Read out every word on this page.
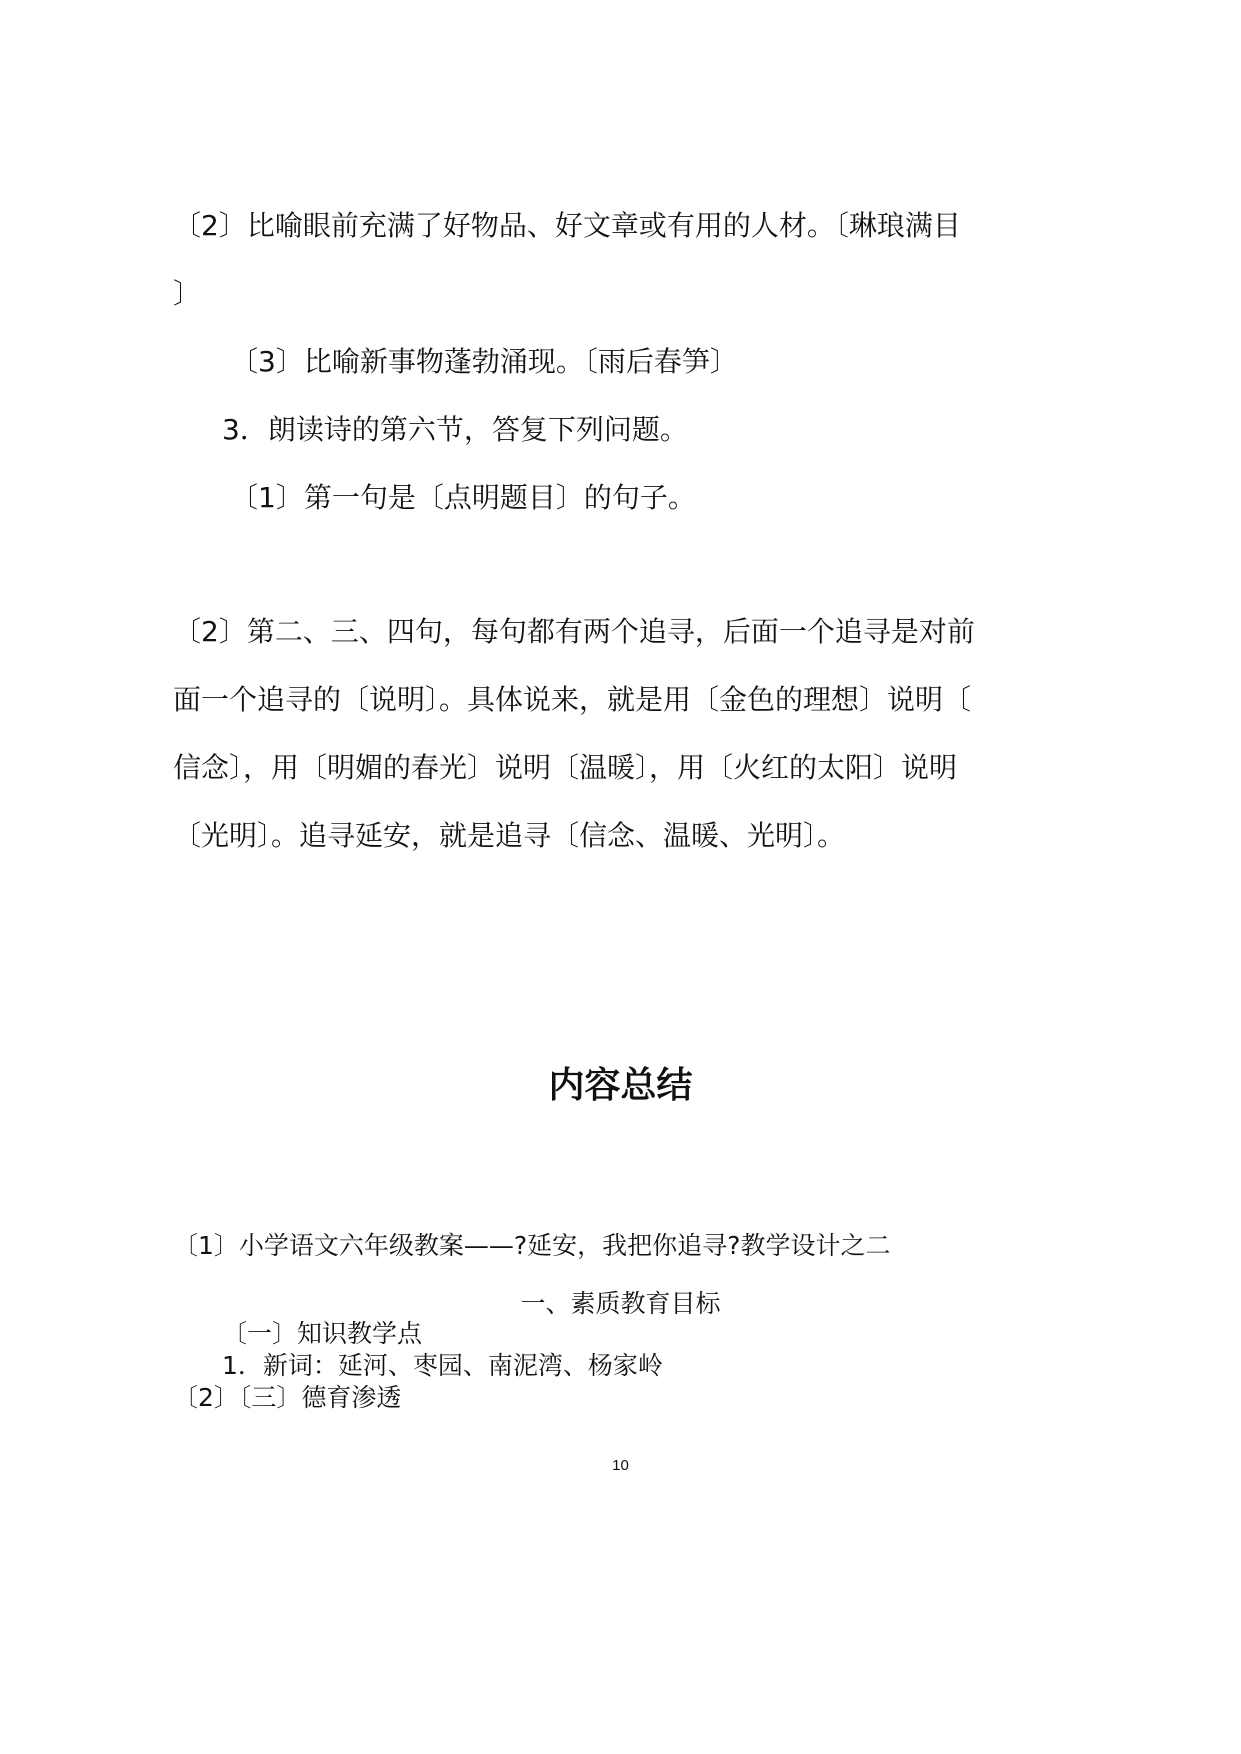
〔2〕比喻眼前充满了好物品、好文章或有用的人材。〔琳琅满目
〕
〔3〕比喻新事物蓬勃涌现。〔雨后春笋〕
3．朗读诗的第六节，答复下列问题。
〔1〕第一句是〔点明题目〕的句子。
〔2〕第二、三、四句，每句都有两个追寻，后面一个追寻是对前
面一个追寻的〔说明〕。具体说来，就是用〔金色的理想〕说明〔
信念〕，用〔明媚的春光〕说明〔温暖〕，用〔火红的太阳〕说明
〔光明〕。追寻延安，就是追寻〔信念、温暖、光明〕。
内容总结
〔1〕小学语文六年级教案——?延安，我把你追寻?教学设计之二
一、素质教育目标
〔一〕知识教学点
1．新词：延河、枣园、南泥湾、杨家岭
〔2〕〔三〕德育渗透
10
